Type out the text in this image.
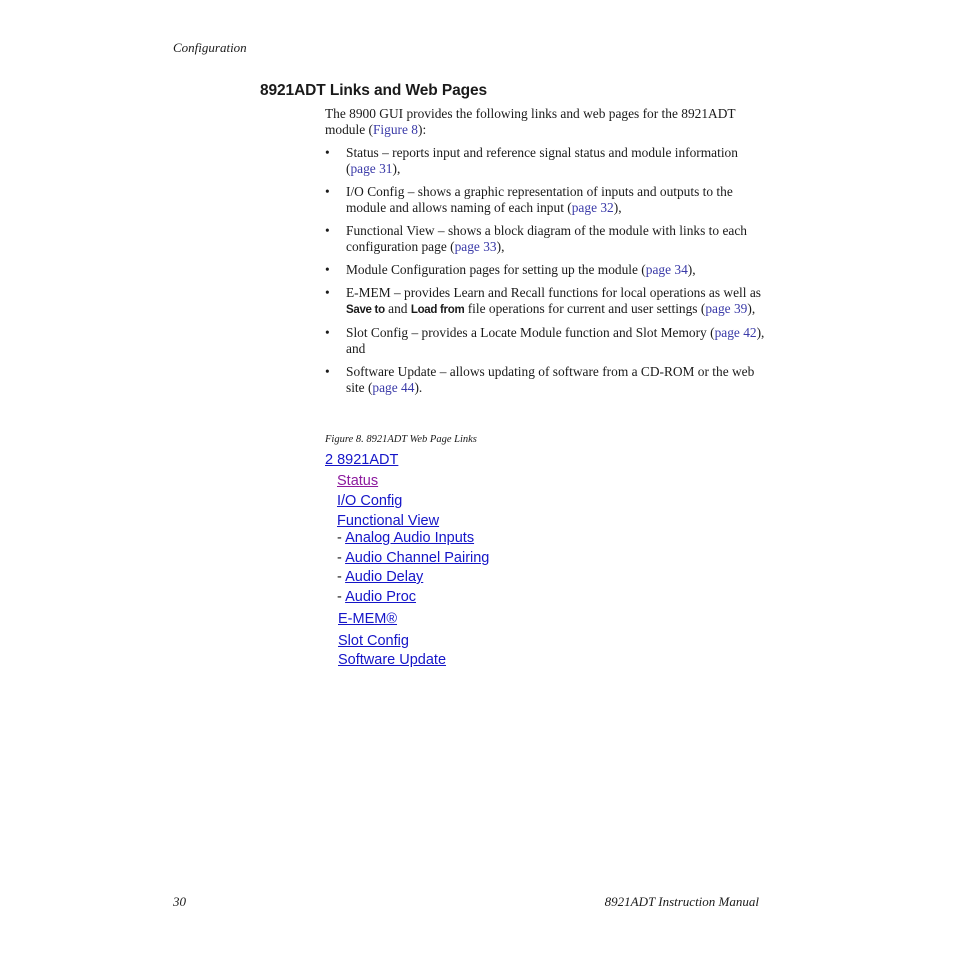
Configuration
8921ADT Links and Web Pages

The 8900 GUI provides the following links and web pages for the 8921ADT module (Figure 8):

• Status – reports input and reference signal status and module information (page 31),
• I/O Config – shows a graphic representation of inputs and outputs to the module and allows naming of each input (page 32),
• Functional View – shows a block diagram of the module with links to each configuration page (page 33),
• Module Configuration pages for setting up the module (page 34),
• E-MEM – provides Learn and Recall functions for local operations as well as Save to and Load from file operations for current and user settings (page 39),
• Slot Config – provides a Locate Module function and Slot Memory (page 42), and
• Software Update – allows updating of software from a CD-ROM or the web site (page 44).
Figure 8. 8921ADT Web Page Links
2 8921ADT
Status
I/O Config
Functional View
- Analog Audio Inputs
- Audio Channel Pairing
- Audio Delay
- Audio Proc
E-MEM®
Slot Config
Software Update
30	8921ADT Instruction Manual
